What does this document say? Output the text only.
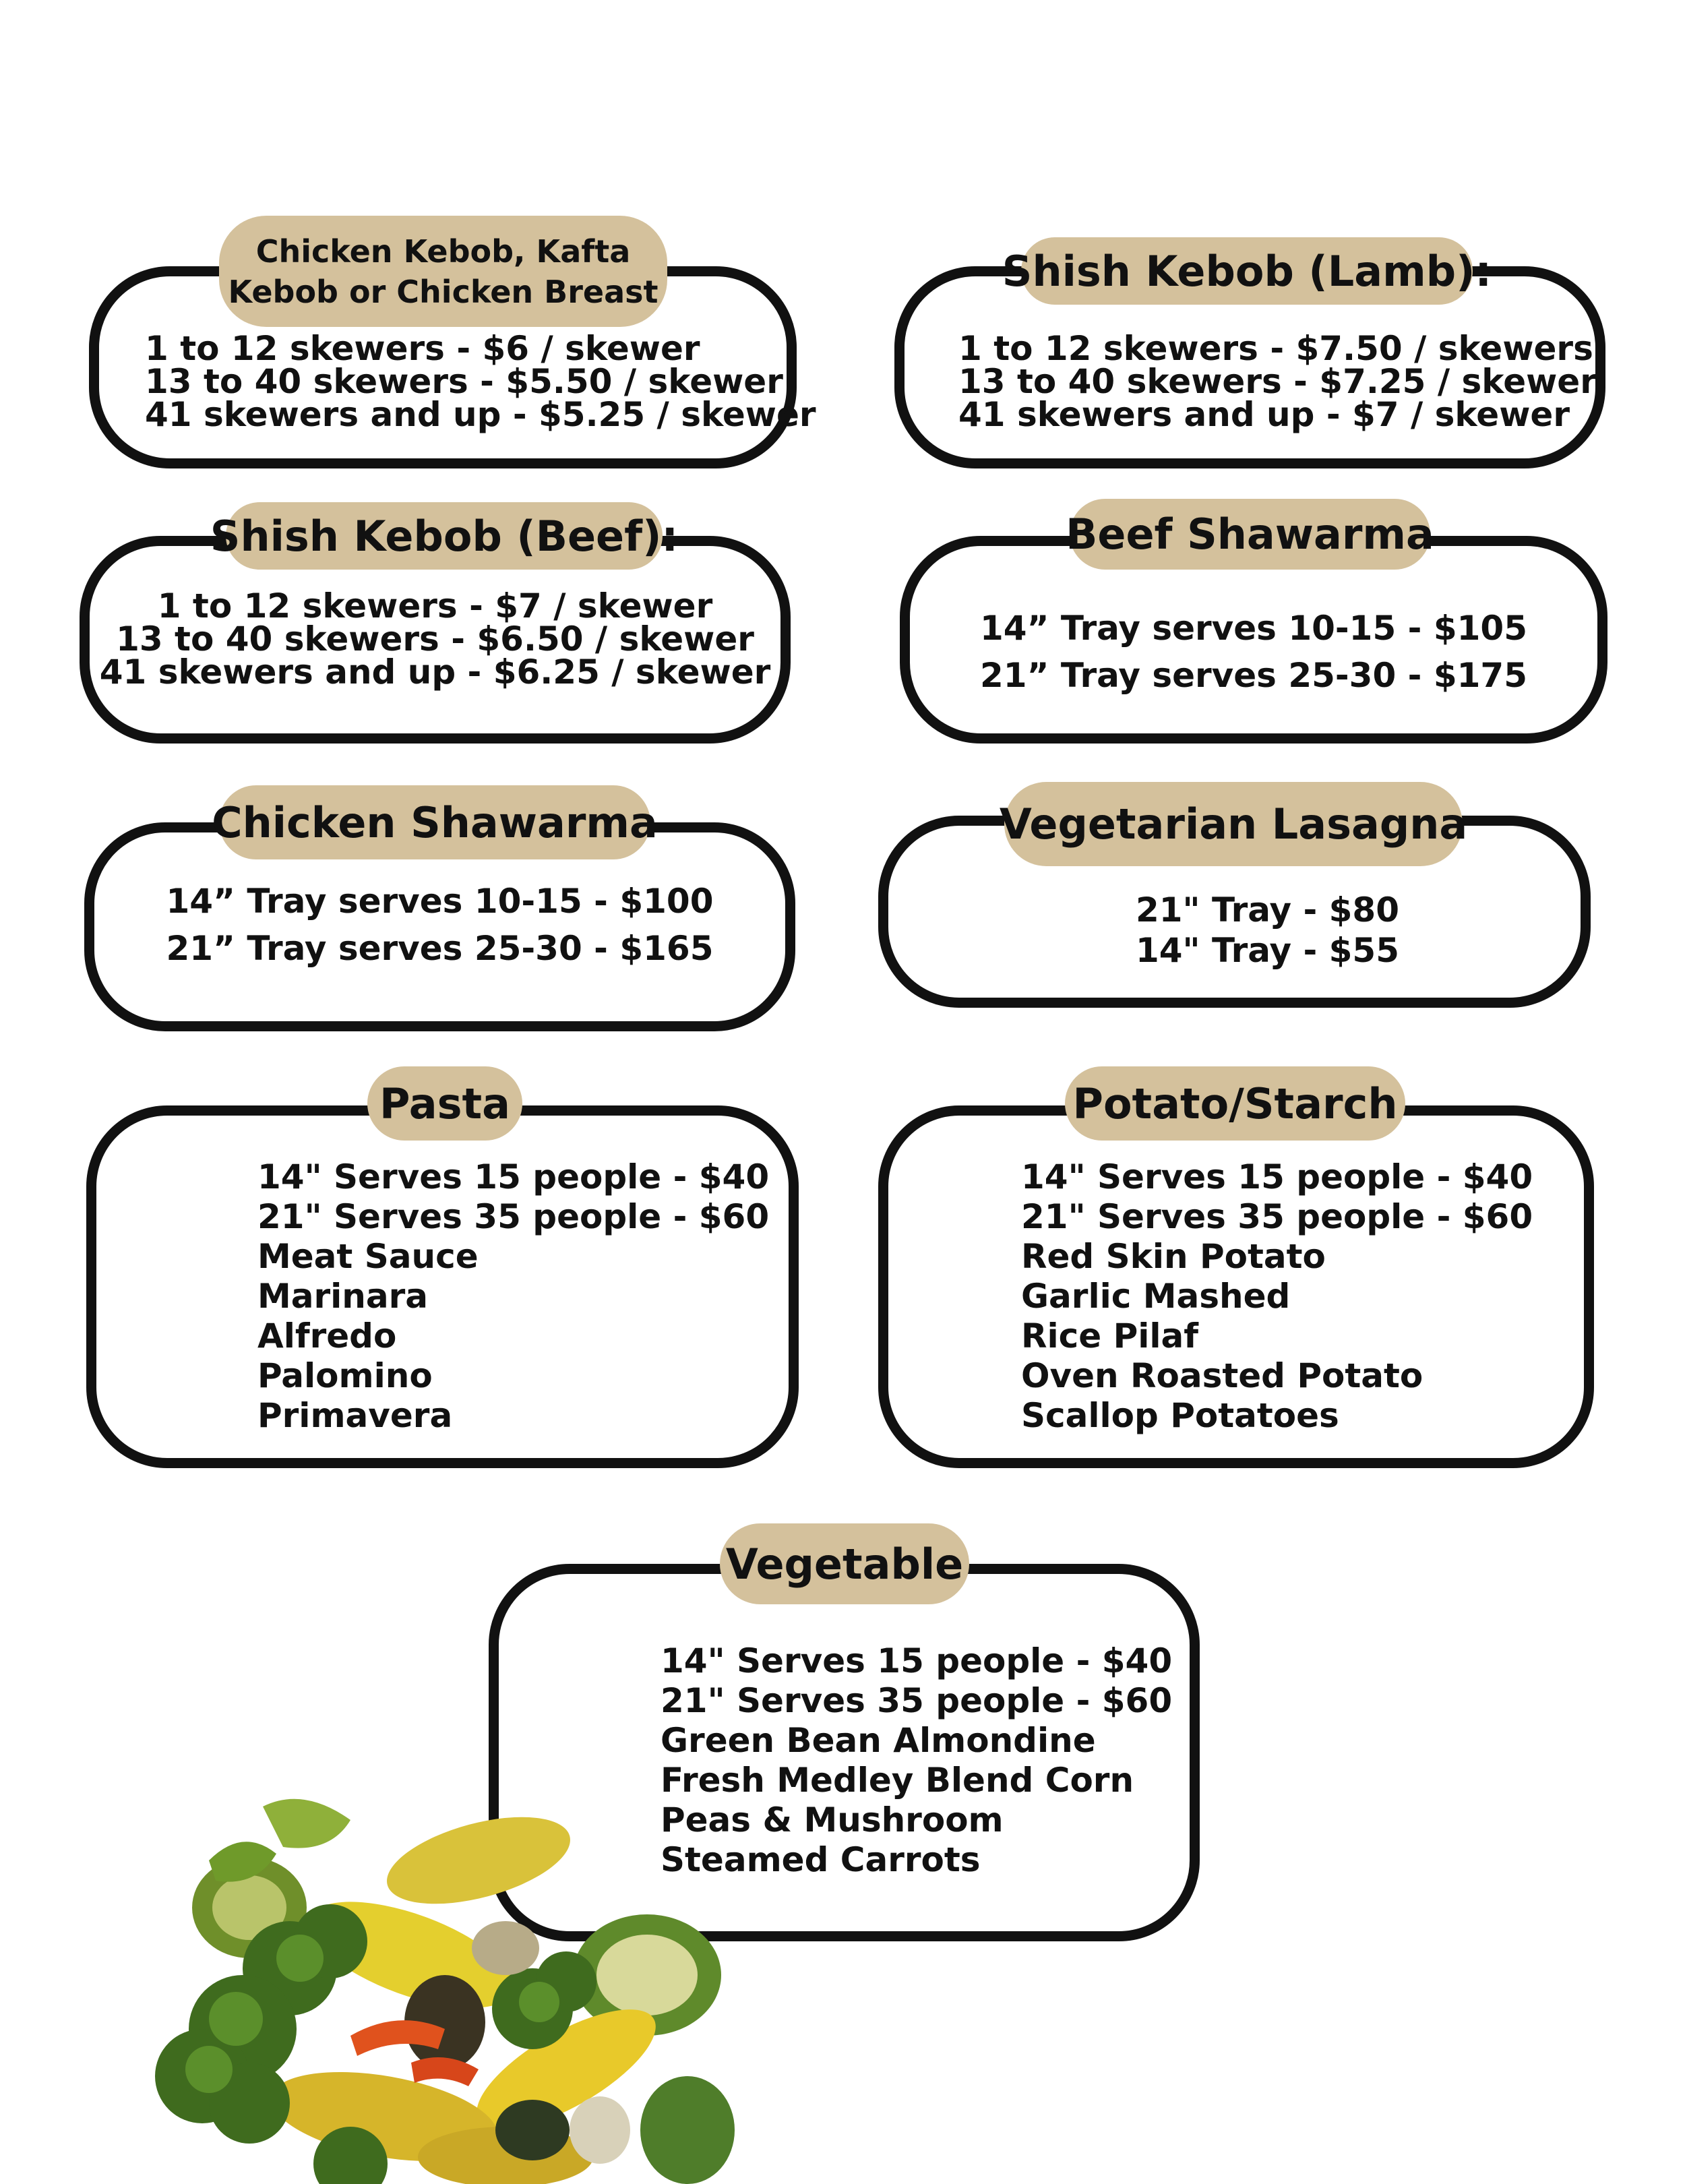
Chicken Kebob, Kafta
Kebob or Chicken Breast
1 to 12 skewers - $6 / skewer
13 to 40 skewers - $5.50 / skewer
41 skewers and up - $5.25 / skewer
Shish Kebob (Lamb):
1 to 12 skewers - $7.50 / skewers
13 to 40 skewers - $7.25 / skewer
41 skewers and up - $7 / skewer
Shish Kebob (Beef):
1 to 12 skewers - $7 / skewer
13 to 40 skewers - $6.50 / skewer
41 skewers and up - $6.25 / skewer
Beef Shawarma
14” Tray serves 10-15 - $105
21” Tray serves 25-30 - $175
Chicken Shawarma
14” Tray serves 10-15 - $100
21” Tray serves 25-30 - $165
Vegetarian Lasagna
21" Tray - $80
14" Tray - $55
Pasta
14" Serves 15 people - $40
21" Serves 35 people - $60
Meat Sauce
Marinara
Alfredo
Palomino
Primavera
Potato/Starch
14" Serves 15 people - $40
21" Serves 35 people - $60
Red Skin Potato
Garlic Mashed
Rice Pilaf
Oven Roasted Potato
Scallop Potatoes
Vegetable
14" Serves 15 people - $40
21" Serves 35 people - $60
Green Bean Almondine
Fresh Medley Blend Corn
Peas & Mushroom
Steamed Carrots
